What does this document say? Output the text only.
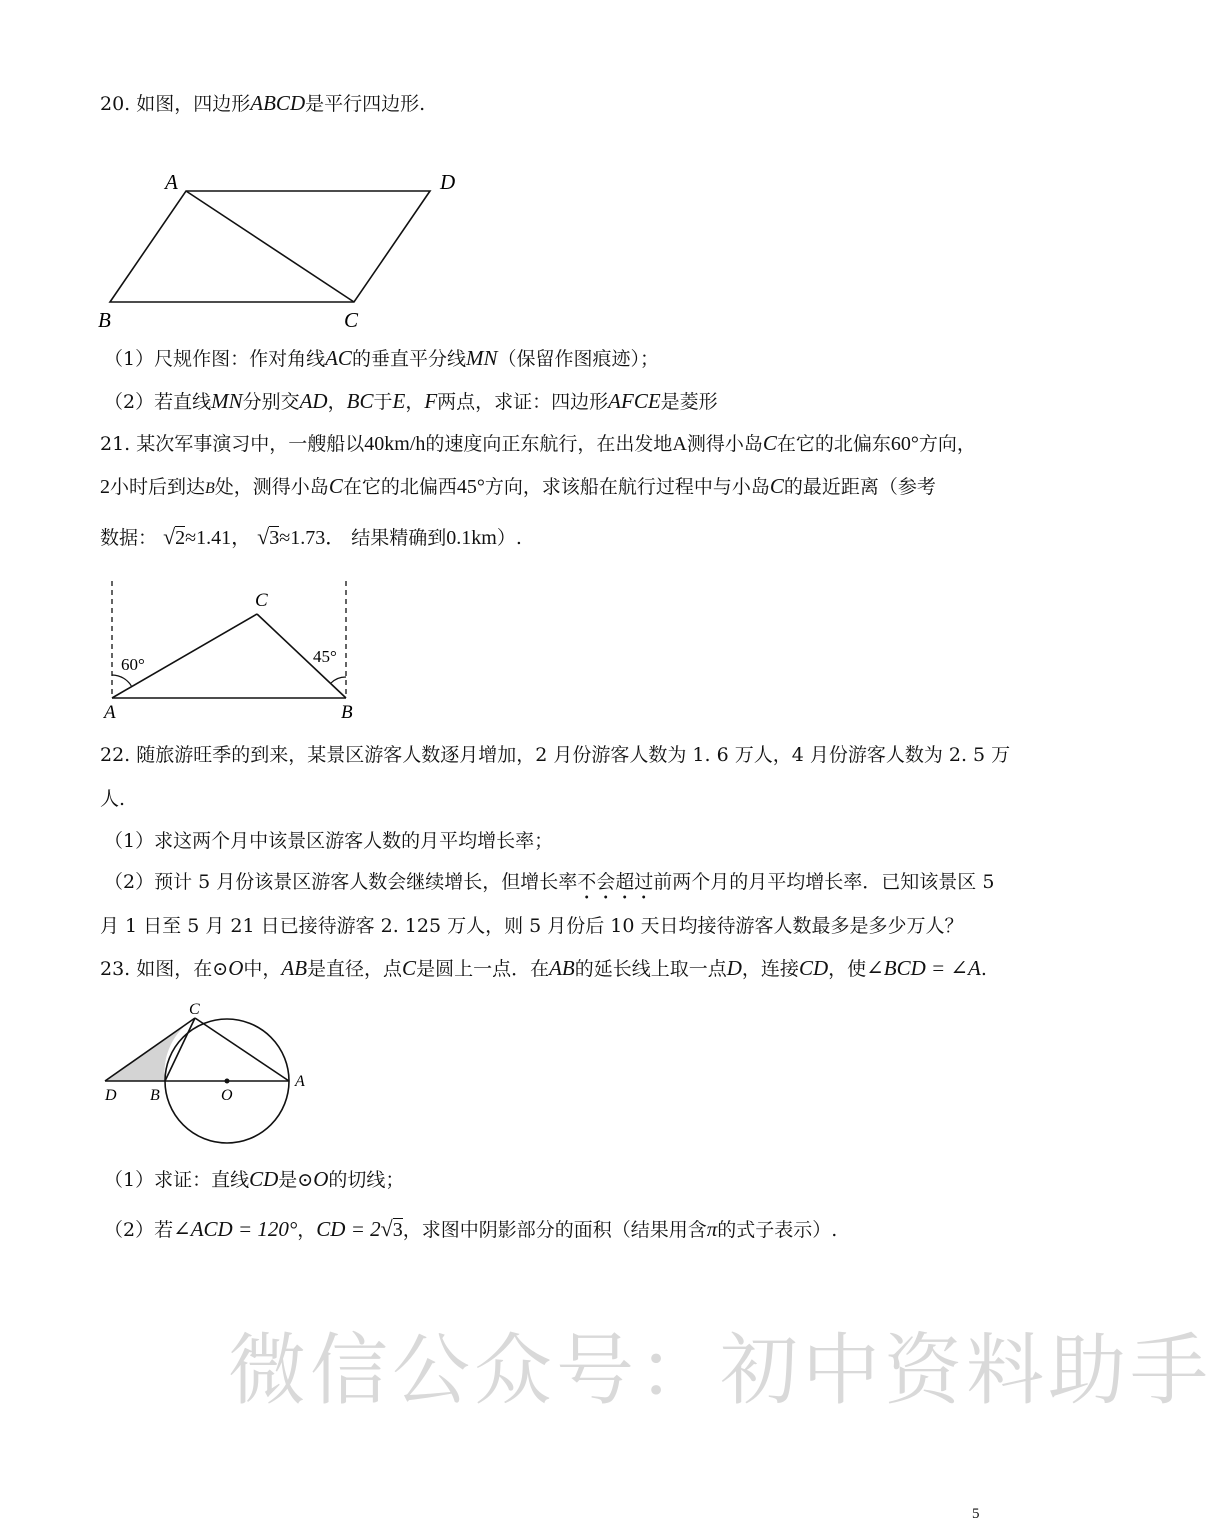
20. 如图，四边形ABCD是平行四边形.
A	D
B	C
（1）尺规作图：作对角线AC的垂直平分线MN（保留作图痕迹）；
（2）若直线MN分别交AD，BC于E，F两点，求证：四边形AFCE是菱形
21. 某次军事演习中，一艘船以40km/h的速度向正东航行，在出发地A测得小岛C在它的北偏东60°方向，
2小时后到达B处，测得小岛C在它的北偏西45°方向，求该船在航行过程中与小岛C的最近距离（参考
数据： √2≈1.41， √3≈1.73． 结果精确到0.1km）.
C
A	B
60°	45°
22. 随旅游旺季的到来，某景区游客人数逐月增加，2 月份游客人数为 1. 6 万人，4 月份游客人数为 2. 5 万
人.
（1）求这两个月中该景区游客人数的月平均增长率；
（2）预计 5 月份该景区游客人数会继续增长，但增长率不会超过前两个月的月平均增长率．已知该景区 5
月 1 日至 5 月 21 日已接待游客 2. 125 万人，则 5 月份后 10 天日均接待游客人数最多是多少万人？
23. 如图，在⊙O中，AB是直径，点C是圆上一点．在AB的延长线上取一点D，连接CD，使∠BCD = ∠A.
C
D B	O
A
（1）求证：直线CD是⊙O的切线；
（2）若∠ACD = 120°，CD = 2√3，求图中阴影部分的面积（结果用含π的式子表示）.
微信公众号：初中资料助手
5
